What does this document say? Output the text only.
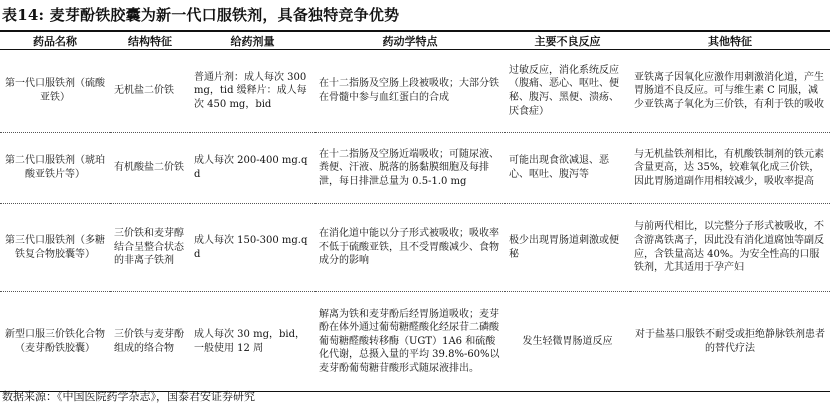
表14: 麦芽酚铁胶囊为新一代口服铁剂，具备独特竞争优势
药品名称	结构特征	给药剂量	药动学特点	主要不良反应	其他特征
第一代口服铁剂（硫酸亚铁）	无机盐二价铁	普通片剂：成人每次 300 mg，tid 缓释片：成人每次 450 mg，bid	在十二指肠及空肠上段被吸收；大部分铁在骨髓中参与血红蛋白的合成	过敏反应，消化系统反应（腹痛、恶心、呕吐、便秘、腹泻、黑便、溃疡、厌食症）	亚铁离子因氧化应激作用刺激消化道，产生胃肠道不良反应。可与维生素 C 同服，减少亚铁离子氧化为三价铁，有利于铁的吸收
第二代口服铁剂（琥珀酸亚铁片等）	有机酸盐二价铁	成人每次 200-400 mg.qd	在十二指肠及空肠近端吸收；可随尿液、粪便、汗液、脱落的肠黏膜细胞及每排泄，每日排泄总量为 0.5-1.0 mg	可能出现食欲减退、恶心、呕吐、腹泻等	与无机盐铁剂相比，有机酸铁制剂的铁元素含量更高，达 35%，较难氧化成三价铁，因此胃肠道副作用相较减少，吸收率提高
第三代口服铁剂（多糖铁复合物胶囊等）	三价铁和麦芽醇结合呈整合状态的非离子铁剂	成人每次 150-300 mg.qd	在消化道中能以分子形式被吸收；吸收率不低于硫酸亚铁，且不受胃酸减少、食物成分的影响	极少出现胃肠道刺激或便秘	与前两代相比，以完整分子形式被吸收，不含游离铁离子，因此没有消化道腐蚀等副反应，含铁量高达 40%。为安全性高的口服铁剂，尤其适用于孕产妇
新型口服三价铁化合物（麦芽酚铁胶囊）	三价铁与麦芽酚组成的络合物	成人每次 30 mg，bid，一般使用 12 周	解离为铁和麦芽酚后经胃肠道吸收；麦芽酚在体外通过葡萄糖醛酸化经尿苷二磷酸葡萄糖醛酸转移酶（UGT）1A6 和硫酸化代谢，总摄入量的平均 39.8%-60%以麦芽酚葡萄糖苷酸形式随尿液排出。	发生轻微胃肠道反应	对于盐基口服铁不耐受或拒绝静脉铁剂患者的替代疗法
数据来源：《中国医院药学杂志》，国泰君安证券研究
